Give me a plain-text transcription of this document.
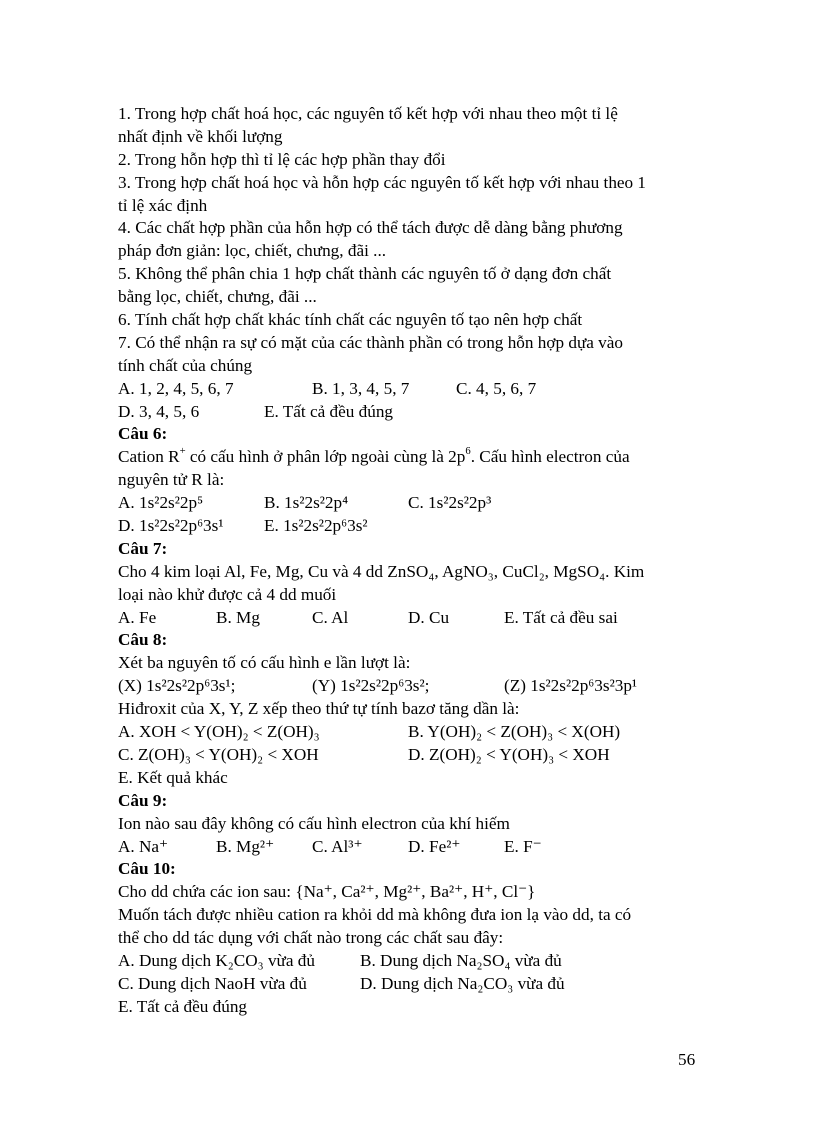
1. Trong hợp chất hoá học, các nguyên tố kết hợp với nhau theo một tỉ lệ
nhất định về khối lượng
2. Trong hỗn hợp thì tỉ lệ các hợp phần thay đổi
3. Trong hợp chất hoá học và hỗn hợp các nguyên tố kết hợp với nhau theo 1
tỉ lệ xác định
4. Các chất hợp phần của hỗn hợp có thể tách được dễ dàng bằng phương
pháp đơn giản: lọc, chiết, chưng, đãi ...
5. Không thể phân chia 1 hợp chất thành các nguyên tố ở dạng đơn chất
bằng lọc, chiết, chưng, đãi ...
6. Tính chất hợp chất khác tính chất các nguyên tố tạo nên hợp chất
7. Có thể nhận ra sự có mặt của các thành phần có trong hỗn hợp dựa vào
tính chất của chúng
A. 1, 2, 4, 5, 6, 7	B. 1, 3, 4, 5, 7	C. 4, 5, 6, 7
D. 3, 4, 5, 6	E. Tất cả đều đúng
Câu 6:
Cation R+ có cấu hình ở phân lớp ngoài cùng là $2p^6$. Cấu hình electron của
nguyên tử R là:
A. 1s²2s²2p⁵	B. 1s²2s²2p⁴	C. 1s²2s²2p³
D. 1s²2s²2p⁶3s¹ E. 1s²2s²2p⁶3s²
Câu 7:
Cho 4 kim loại Al, Fe, Mg, Cu và 4 dd ZnSO₄, AgNO₃, CuCl₂, MgSO₄. Kim
loại nào khử được cả 4 dd muối
A. Fe	B. Mg	C. Al	D. Cu	E. Tất cả đều sai
Câu 8:
Xét ba nguyên tố có cấu hình e lần lượt là:
(X) 1s²2s²2p⁶3s¹;	(Y) 1s²2s²2p⁶3s²;	(Z) 1s²2s²2p⁶3s²3p¹
Hiđroxit của X, Y, Z xếp theo thứ tự tính bazơ tăng dần là:
A. XOH < Y(OH)₂ < Z(OH)₃	B. Y(OH)₂ < Z(OH)₃ < X(OH)
C. Z(OH)₃ < Y(OH)₂ < XOH	D. Z(OH)₂ < Y(OH)₃ < XOH
E. Kết quả khác
Câu 9:
Ion nào sau đây không có cấu hình electron của khí hiếm
A. Na⁺	B. Mg²⁺ C. Al³⁺	D. Fe²⁺	E. F⁻
Câu 10:
Cho dd chứa các ion sau: {Na⁺, Ca²⁺, Mg²⁺, Ba²⁺, H⁺, Cl⁻}
Muốn tách được nhiều cation ra khỏi dd mà không đưa ion lạ vào dd, ta có
thể cho dd tác dụng với chất nào trong các chất sau đây:
A. Dung dịch K₂CO₃ vừa đủ	B. Dung dịch Na₂SO₄ vừa đủ
C. Dung dịch NaoH vừa đủ	D. Dung dịch Na₂CO₃ vừa đủ
E. Tất cả đều đúng
56
